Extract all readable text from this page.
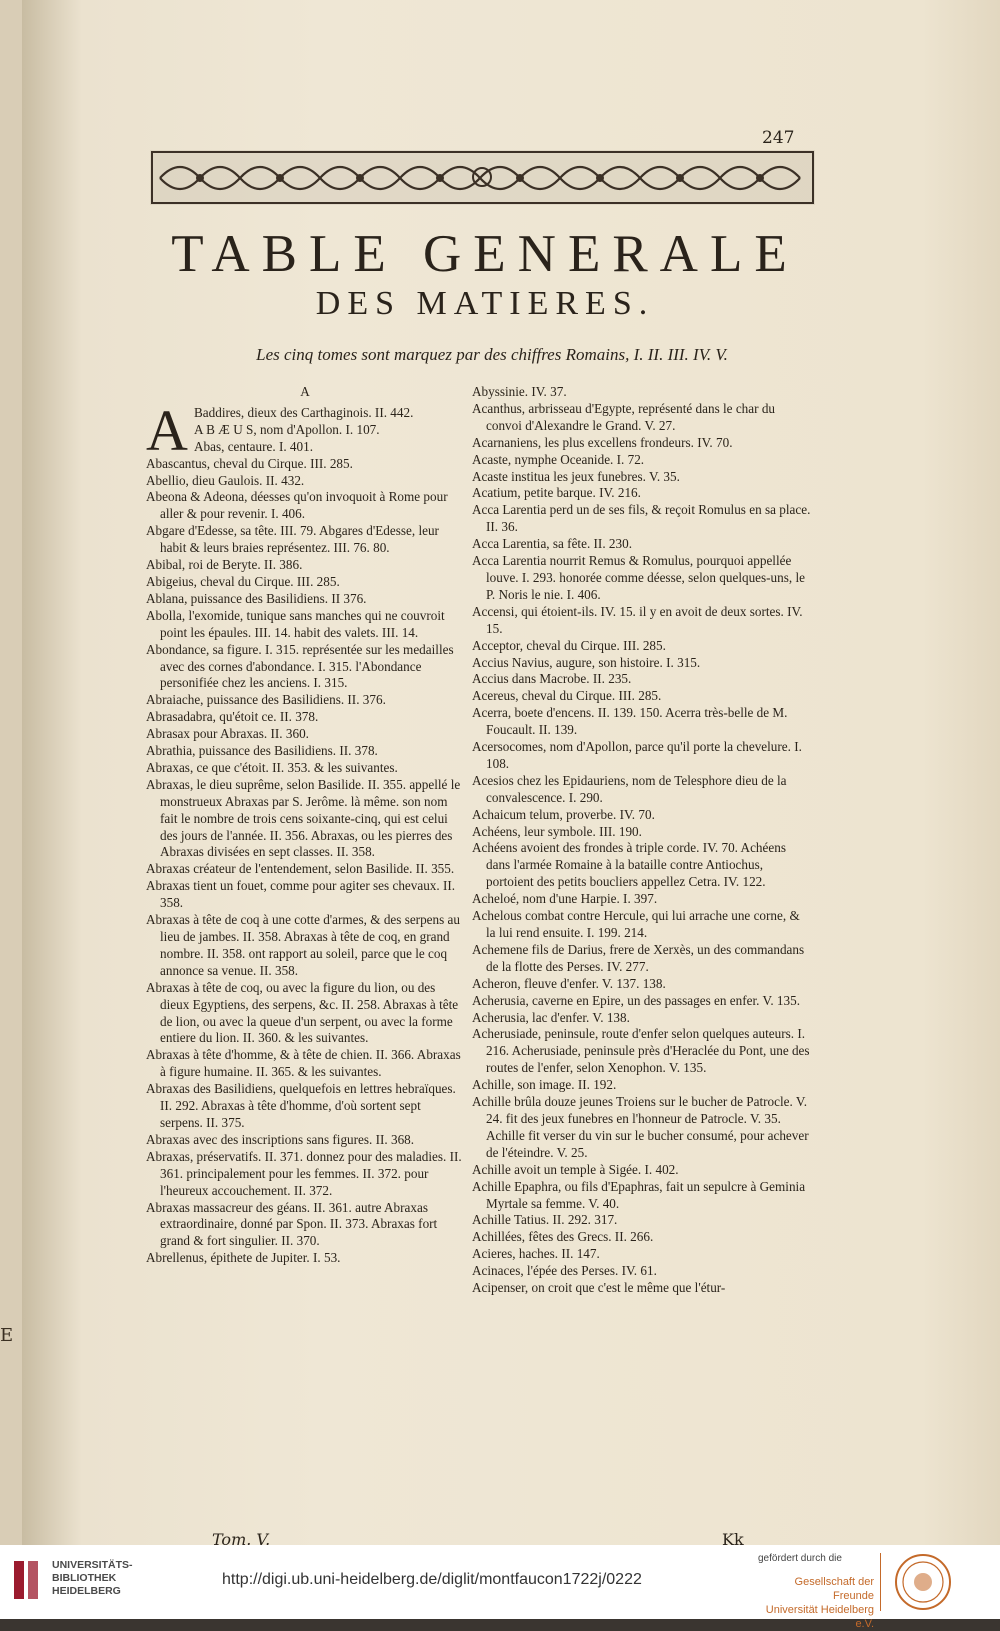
E
247
TABLE GENERALE
DES MATIERES.
Les cinq tomes sont marquez par des chiffres Romains, I. II. III. IV. V.

A

A Baddires, dieux des Carthaginois. II. 442.

A B Æ U S, nom d'Apollon. I. 107.

Abas, centaure. I. 401.

Abascantus, cheval du Cirque. III. 285.

Abellio, dieu Gaulois. II. 432.

Abeona & Adeona, déesses qu'on invoquoit à Rome pour aller & pour revenir. I. 406.

Abgare d'Edesse, sa tête. III. 79. Abgares d'Edesse, leur habit & leurs braies représentez. III. 76. 80.

Abibal, roi de Beryte. II. 386.

Abigeius, cheval du Cirque. III. 285.

Ablana, puissance des Basilidiens. II 376.

Abolla, l'exomide, tunique sans manches qui ne couvroit point les épaules. III. 14. habit des valets. III. 14.

Abondance, sa figure. I. 315. représentée sur les medailles avec des cornes d'abondance. I. 315. l'Abondance personifiée chez les anciens. I. 315.

Abraiache, puissance des Basilidiens. II. 376.

Abrasadabra, qu'étoit ce. II. 378.

Abrasax pour Abraxas. II. 360.

Abrathia, puissance des Basilidiens. II. 378.

Abraxas, ce que c'étoit. II. 353. & les suivantes.

Abraxas, le dieu suprême, selon Basilide. II. 355. appellé le monstrueux Abraxas par S. Jerôme. là même. son nom fait le nombre de trois cens soixante-cinq, qui est celui des jours de l'année. II. 356. Abraxas, ou les pierres des Abraxas divisées en sept classes. II. 358.

Abraxas créateur de l'entendement, selon Basilide. II. 355.

Abraxas tient un fouet, comme pour agiter ses chevaux. II. 358.

Abraxas à tête de coq à une cotte d'armes, & des serpens au lieu de jambes. II. 358. Abraxas à tête de coq, en grand nombre. II. 358. ont rapport au soleil, parce que le coq annonce sa venue. II. 358.

Abraxas à tête de coq, ou avec la figure du lion, ou des dieux Egyptiens, des serpens, &c. II. 258. Abraxas à tête de lion, ou avec la queue d'un serpent, ou avec la forme entiere du lion. II. 360. & les suivantes.

Abraxas à tête d'homme, & à tête de chien. II. 366. Abraxas à figure humaine. II. 365. & les suivantes.

Abraxas des Basilidiens, quelquefois en lettres hebraïques. II. 292. Abraxas à tête d'homme, d'où sortent sept serpens. II. 375.

Abraxas avec des inscriptions sans figures. II. 368.

Abraxas, préservatifs. II. 371. donnez pour des maladies. II. 361. principalement pour les femmes. II. 372. pour l'heureux accouchement. II. 372.

Abraxas massacreur des géans. II. 361. autre Abraxas extraordinaire, donné par Spon. II. 373. Abraxas fort grand & fort singulier. II. 370.

Abrellenus, épithete de Jupiter. I. 53.

Abyssinie. IV. 37.

Acanthus, arbrisseau d'Egypte, représenté dans le char du convoi d'Alexandre le Grand. V. 27.

Acarnaniens, les plus excellens frondeurs. IV. 70.

Acaste, nymphe Oceanide. I. 72.

Acaste institua les jeux funebres. V. 35.

Acatium, petite barque. IV. 216.

Acca Larentia perd un de ses fils, & reçoit Romulus en sa place. II. 36.

Acca Larentia, sa fête. II. 230.

Acca Larentia nourrit Remus & Romulus, pourquoi appellée louve. I. 293. honorée comme déesse, selon quelques-uns, le P. Noris le nie. I. 406.

Accensi, qui étoient-ils. IV. 15. il y en avoit de deux sortes. IV. 15.

Acceptor, cheval du Cirque. III. 285.

Accius Navius, augure, son histoire. I. 315.

Accius dans Macrobe. II. 235.

Acereus, cheval du Cirque. III. 285.

Acerra, boete d'encens. II. 139. 150. Acerra très-belle de M. Foucault. II. 139.

Acersocomes, nom d'Apollon, parce qu'il porte la chevelure. I. 108.

Acesios chez les Epidauriens, nom de Telesphore dieu de la convalescence. I. 290.

Achaicum telum, proverbe. IV. 70.

Achéens, leur symbole. III. 190.

Achéens avoient des frondes à triple corde. IV. 70. Achéens dans l'armée Romaine à la bataille contre Antiochus, portoient des petits boucliers appellez Cetra. IV. 122.

Acheloé, nom d'une Harpie. I. 397.

Achelous combat contre Hercule, qui lui arrache une corne, & la lui rend ensuite. I. 199. 214.

Achemene fils de Darius, frere de Xerxès, un des commandans de la flotte des Perses. IV. 277.

Acheron, fleuve d'enfer. V. 137. 138.

Acherusia, caverne en Epire, un des passages en enfer. V. 135.

Acherusia, lac d'enfer. V. 138.

Acherusiade, peninsule, route d'enfer selon quelques auteurs. I. 216. Acherusiade, peninsule près d'Heraclée du Pont, une des routes de l'enfer, selon Xenophon. V. 135.

Achille, son image. II. 192.

Achille brûla douze jeunes Troiens sur le bucher de Patrocle. V. 24. fit des jeux funebres en l'honneur de Patrocle. V. 35. Achille fit verser du vin sur le bucher consumé, pour achever de l'éteindre. V. 25.

Achille avoit un temple à Sigée. I. 402.

Achille Epaphra, ou fils d'Epaphras, fait un sepulcre à Geminia Myrtale sa femme. V. 40.

Achille Tatius. II. 292. 317.

Achillées, fêtes des Grecs. II. 266.

Acieres, haches. II. 147.

Acinaces, l'épée des Perses. IV. 61.

Acipenser, on croit que c'est le même que l'étur-

Tom. V.	Kk
UNIVERSITÄTS-
BIBLIOTHEK
HEIDELBERG
http://digi.ub.uni-heidelberg.de/diglit/montfaucon1722j/0222
gefördert durch die
Gesellschaft der Freunde
Universität Heidelberg e.V.
